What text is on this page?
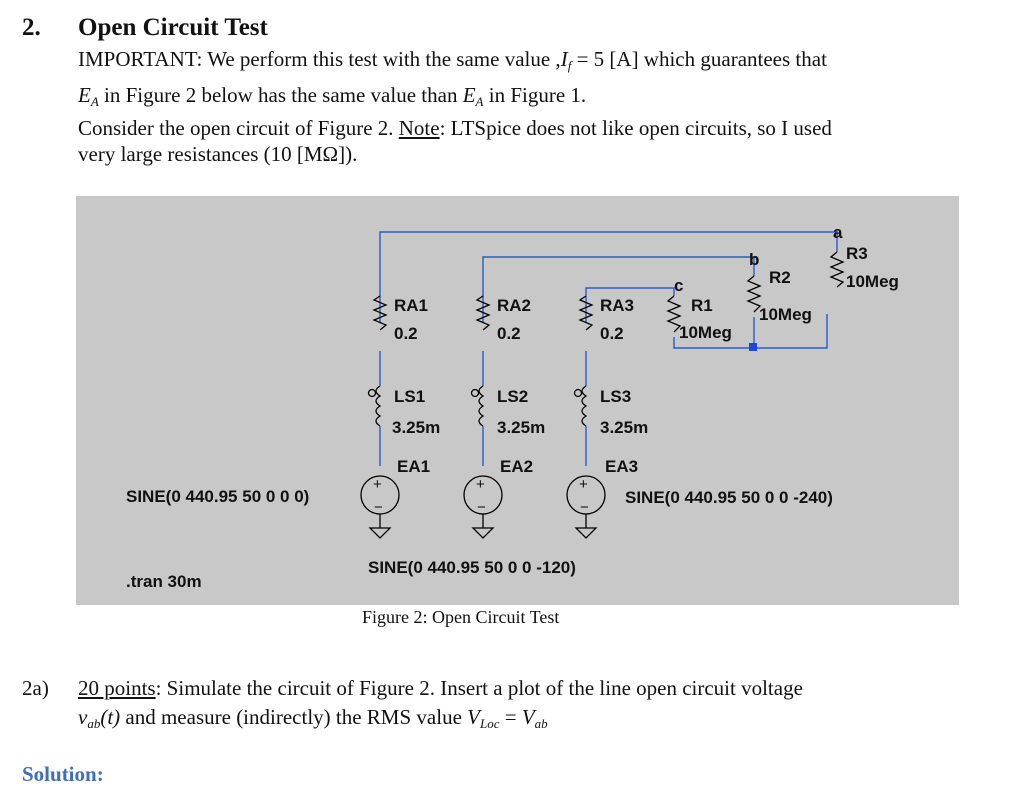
2. Open Circuit Test
IMPORTANT: We perform this test with the same value $,I_f = 5$ [A] which guarantees that
$E_A$ in Figure 2 below has the same value than $E_A$ in Figure 1.
Consider the open circuit of Figure 2. Note: LTSpice does not like open circuits, so I used
very large resistances (10 [MΩ]).
+
−
+
−
+
−
a
b
c
RA1
0.2
RA2
0.2
RA3
0.2
R1
10Meg
R2
10Meg
R3
10Meg
LS1
3.25m
LS2
3.25m
LS3
3.25m
EA1	EA2	EA3
SINE(0 440.95 50 0 0 0)
SINE(0 440.95 50 0 0 -120)
SINE(0 440.95 50 0 0 -240)
.tran 30m
Figure 2: Open Circuit Test
2a) 20 points: Simulate the circuit of Figure 2. Insert a plot of the line open circuit voltage
$v_{ab}(t)$ and measure (indirectly) the RMS value $V_{Loc} = V_{ab}$
Solution:
